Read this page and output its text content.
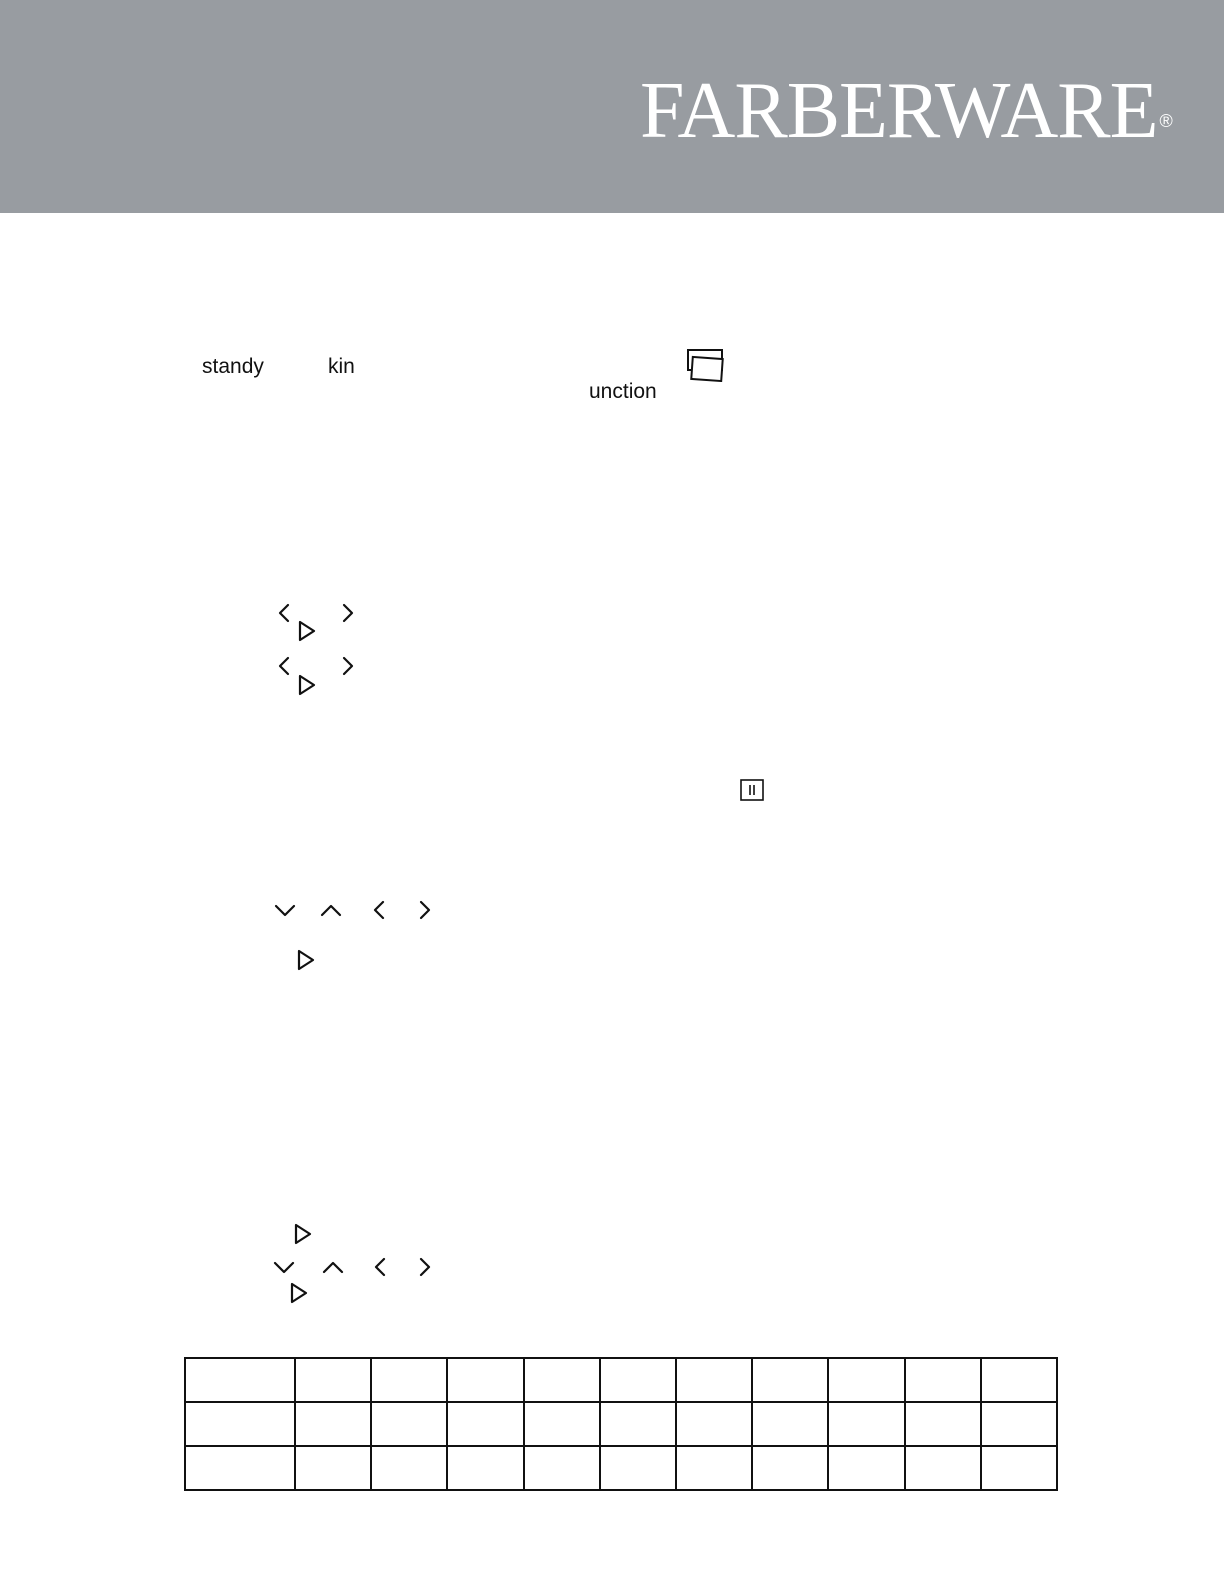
FARBERWARE ®
standy	kin
unction
